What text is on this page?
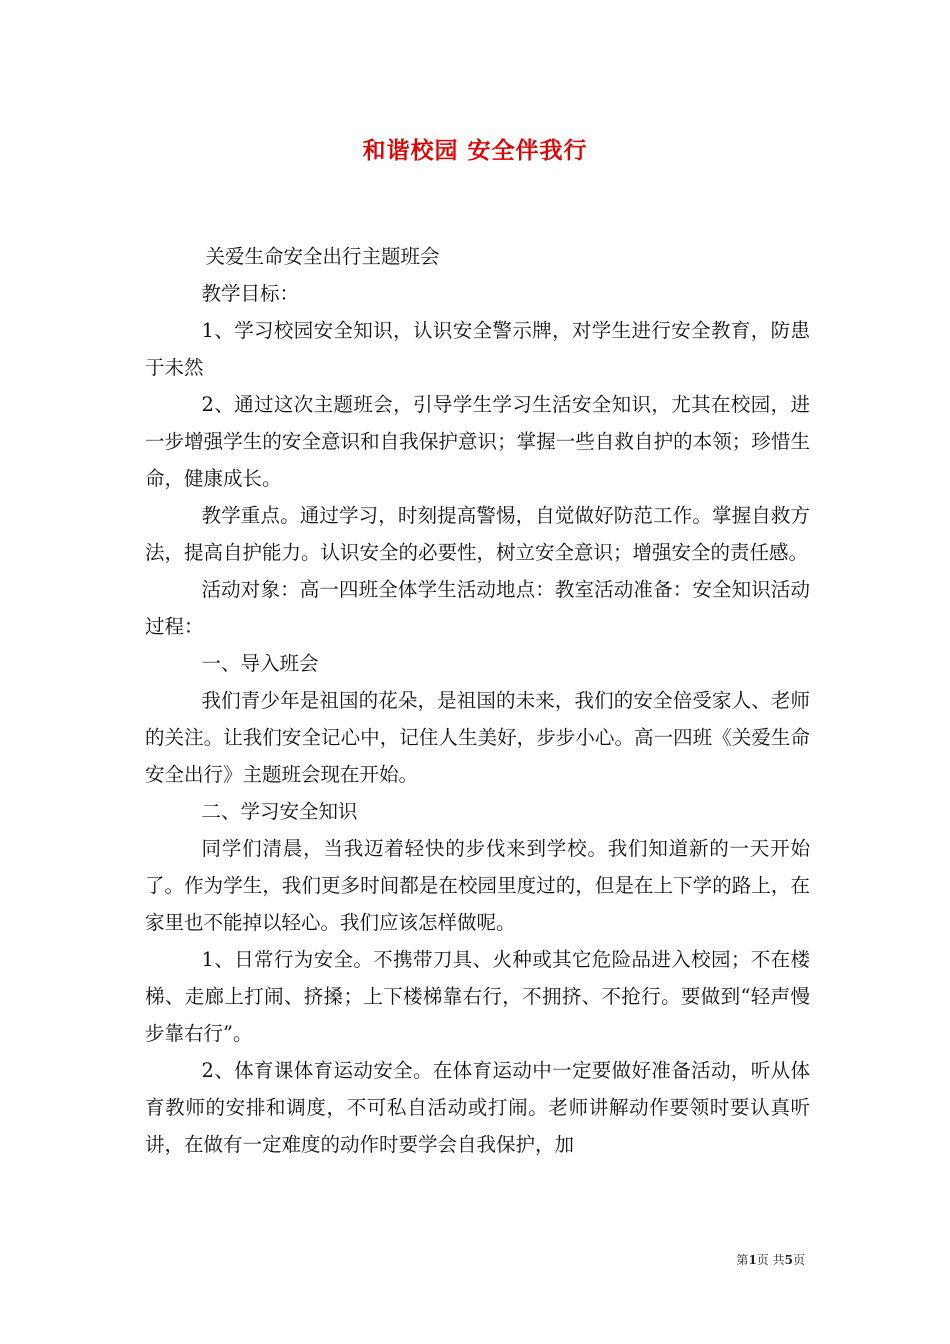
和谐校园 安全伴我行

关爱生命安全出行主题班会

教学目标：

1、学习校园安全知识，认识安全警示牌，对学生进行安全教育，防患于未然

2、通过这次主题班会，引导学生学习生活安全知识，尤其在校园，进一步增强学生的安全意识和自我保护意识；掌握一些自救自护的本领；珍惜生命，健康成长。

教学重点。通过学习，时刻提高警惕，自觉做好防范工作。掌握自救方法，提高自护能力。认识安全的必要性，树立安全意识；增强安全的责任感。

活动对象：高一四班全体学生活动地点：教室活动准备：安全知识活动过程：

一、导入班会

我们青少年是祖国的花朵，是祖国的未来，我们的安全倍受家人、老师的关注。让我们安全记心中，记住人生美好，步步小心。高一四班《关爱生命安全出行》主题班会现在开始。

二、学习安全知识

同学们清晨，当我迈着轻快的步伐来到学校。我们知道新的一天开始了。作为学生，我们更多时间都是在校园里度过的，但是在上下学的路上，在家里也不能掉以轻心。我们应该怎样做呢。

1、日常行为安全。不携带刀具、火种或其它危险品进入校园；不在楼梯、走廊上打闹、挤搡；上下楼梯靠右行，不拥挤、不抢行。要做到“轻声慢步靠右行”。

2、体育课体育运动安全。在体育运动中一定要做好准备活动，听从体育教师的安排和调度，不可私自活动或打闹。老师讲解动作要领时要认真听讲，在做有一定难度的动作时要学会自我保护，加

第1页 共5页
